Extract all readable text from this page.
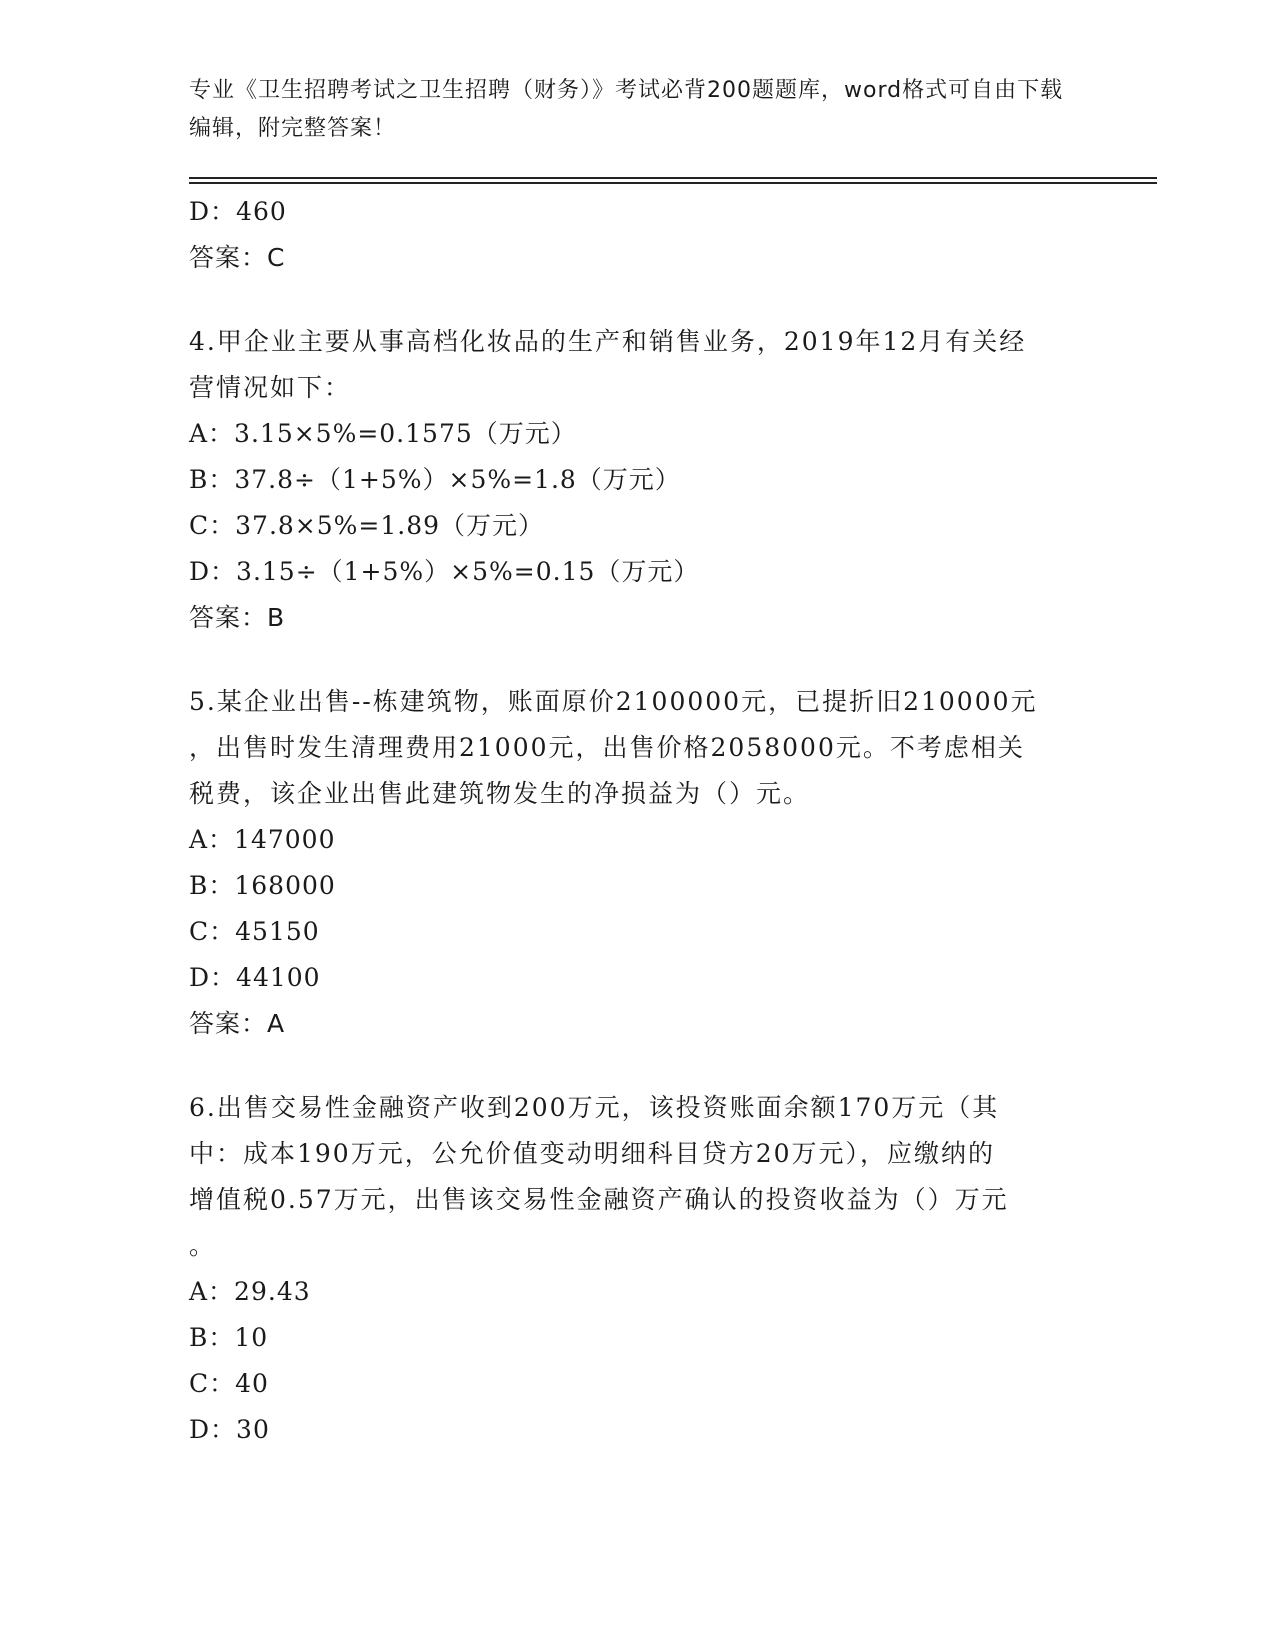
专业《卫生招聘考试之卫生招聘（财务）》考试必背200题题库，word格式可自由下载编辑，附完整答案！
D：460
答案：C
4.甲企业主要从事高档化妆品的生产和销售业务，2019年12月有关经
营情况如下：
A：3.15×5%=0.1575（万元）
B：37.8÷（1+5%）×5%=1.8（万元）
C：37.8×5%=1.89（万元）
D：3.15÷（1+5%）×5%=0.15（万元）
答案：B
5.某企业出售--栋建筑物，账面原价2100000元，已提折旧210000元
，出售时发生清理费用21000元，出售价格2058000元。不考虑相关
税费，该企业出售此建筑物发生的净损益为（）元。
A：147000
B：168000
C：45150
D：44100
答案：A
6.出售交易性金融资产收到200万元，该投资账面余额170万元（其
中：成本190万元，公允价值变动明细科目贷方20万元），应缴纳的
增值税0.57万元，出售该交易性金融资产确认的投资收益为（）万元
。
A：29.43
B：10
C：40
D：30
